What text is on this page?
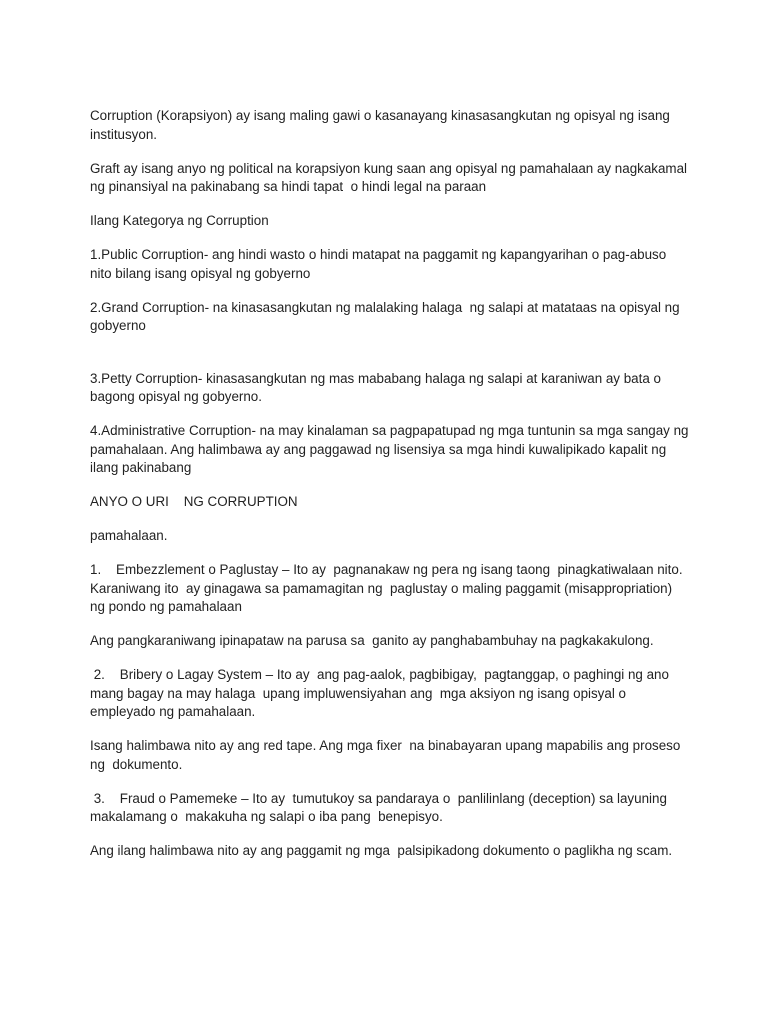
Corruption (Korapsiyon) ay isang maling gawi o kasanayang kinasasangkutan ng opisyal ng isang institusyon.

Graft ay isang anyo ng political na korapsiyon kung saan ang opisyal ng pamahalaan ay nagkakamal ng pinansiyal na pakinabang sa hindi tapat  o hindi legal na paraan

Ilang Kategorya ng Corruption

1.Public Corruption- ang hindi wasto o hindi matapat na paggamit ng kapangyarihan o pag-abuso nito bilang isang opisyal ng gobyerno

2.Grand Corruption- na kinasasangkutan ng malalaking halaga  ng salapi at matataas na opisyal ng gobyerno

3.Petty Corruption- kinasasangkutan ng mas mababang halaga ng salapi at karaniwan ay bata o bagong opisyal ng gobyerno.

4.Administrative Corruption- na may kinalaman sa pagpapatupad ng mga tuntunin sa mga sangay ng pamahalaan. Ang halimbawa ay ang paggawad ng lisensiya sa mga hindi kuwalipikado kapalit ng ilang pakinabang

ANYO O URI    NG CORRUPTION

pamahalaan.

1.    Embezzlement o Paglustay – Ito ay  pagnanakaw ng pera ng isang taong  pinagkatiwalaan nito. Karaniwang ito  ay ginagawa sa pamamagitan ng  paglustay o maling paggamit (misappropriation) ng pondo ng pamahalaan

Ang pangkaraniwang ipinapataw na parusa sa  ganito ay panghabambuhay na pagkakakulong.

2.    Bribery o Lagay System – Ito ay  ang pag-aalok, pagbibigay,  pagtanggap, o paghingi ng ano  mang bagay na may halaga  upang impluwensiyahan ang  mga aksiyon ng isang opisyal o empleyado ng pamahalaan.

Isang halimbawa nito ay ang red tape. Ang mga fixer  na binabayaran upang mapabilis ang proseso ng  dokumento.

3.    Fraud o Pamemeke – Ito ay  tumutukoy sa pandaraya o  panlilinlang (deception) sa layuning makalamang o  makakuha ng salapi o iba pang  benepisyo.

Ang ilang halimbawa nito ay ang paggamit ng mga  palsipikadong dokumento o paglikha ng scam.
